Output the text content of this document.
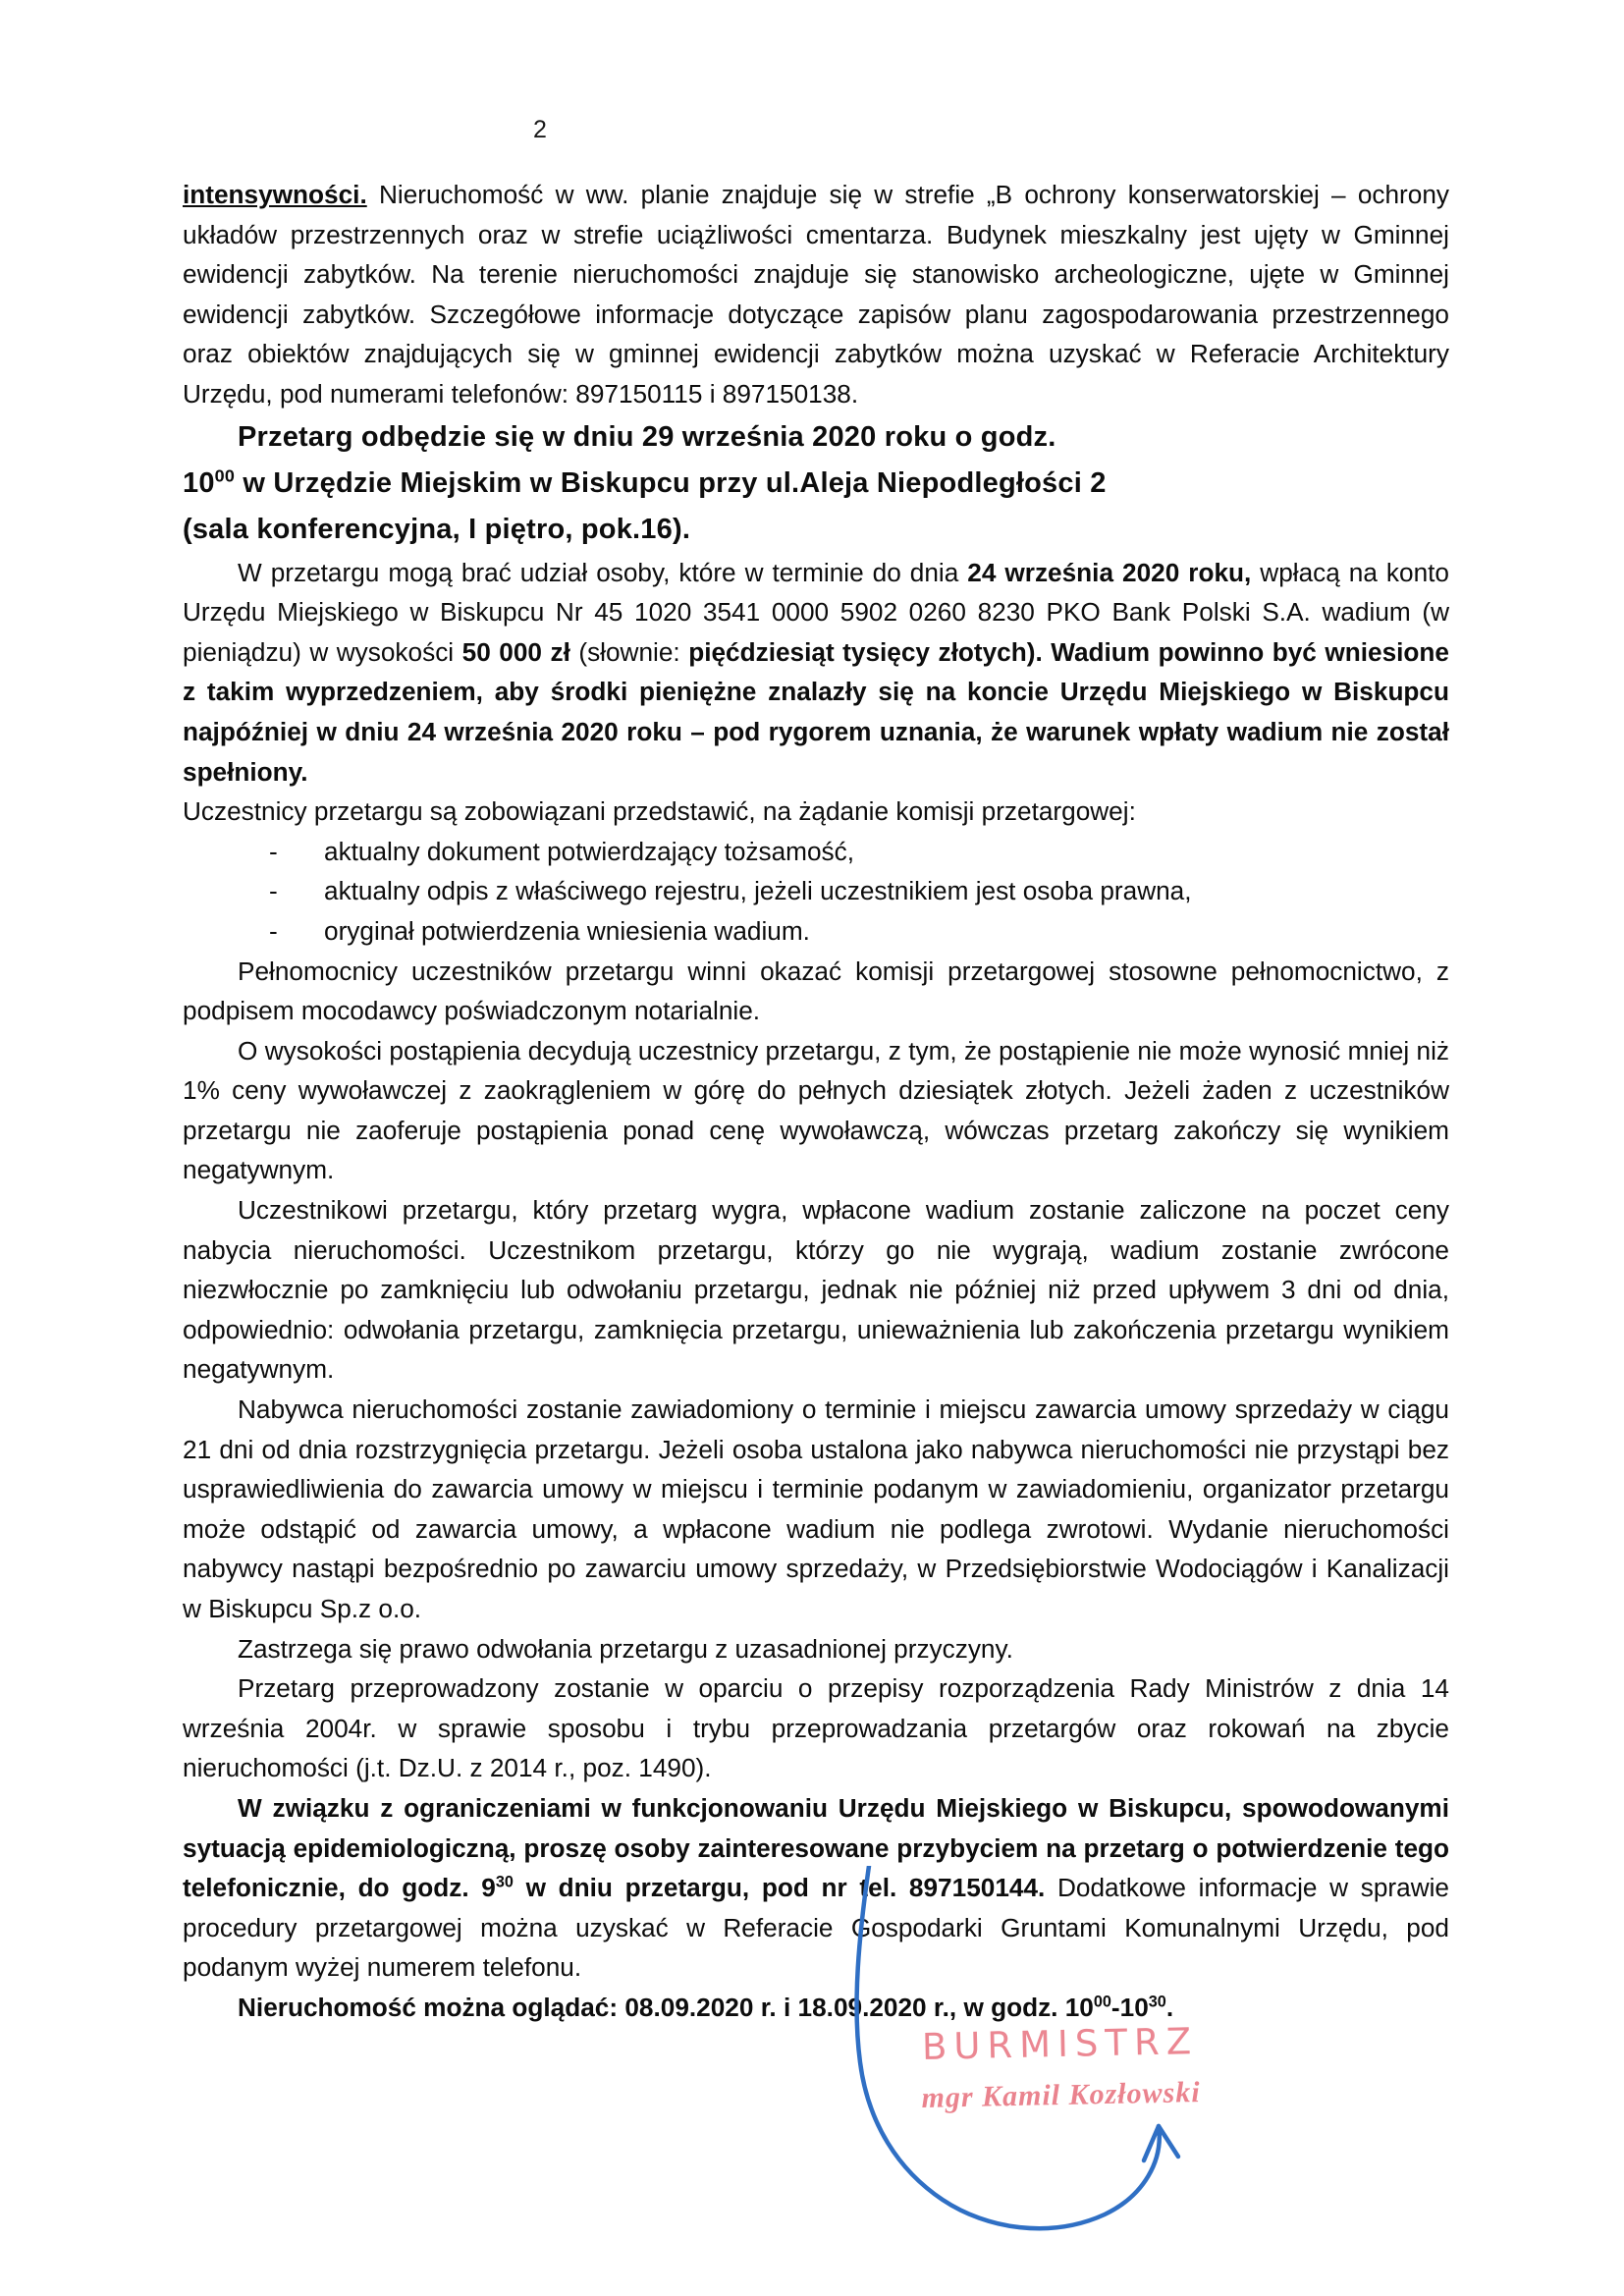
2

intensywności. Nieruchomość w ww. planie znajduje się w strefie „B ochrony konserwatorskiej – ochrony układów przestrzennych oraz w strefie uciążliwości cmentarza. Budynek mieszkalny jest ujęty w Gminnej ewidencji zabytków. Na terenie nieruchomości znajduje się stanowisko archeologiczne, ujęte w Gminnej ewidencji zabytków. Szczegółowe informacje dotyczące zapisów planu zagospodarowania przestrzennego oraz obiektów znajdujących się w gminnej ewidencji zabytków można uzyskać w Referacie Architektury Urzędu, pod numerami telefonów: 897150115 i 897150138.

Przetarg odbędzie się w dniu 29 września 2020 roku o godz.

$10^{00}$ w Urzędzie Miejskim w Biskupcu przy ul.Aleja Niepodległości 2

(sala konferencyjna, I piętro, pok.16).

W przetargu mogą brać udział osoby, które w terminie do dnia 24 września 2020 roku, wpłacą na konto Urzędu Miejskiego w Biskupcu Nr 45 1020 3541 0000 5902 0260 8230 PKO Bank Polski S.A. wadium (w pieniądzu) w wysokości 50 000 zł (słownie: pięćdziesiąt tysięcy złotych). Wadium powinno być wniesione z takim wyprzedzeniem, aby środki pieniężne znalazły się na koncie Urzędu Miejskiego w Biskupcu najpóźniej w dniu 24 września 2020 roku – pod rygorem uznania, że warunek wpłaty wadium nie został spełniony.

Uczestnicy przetargu są zobowiązani przedstawić, na żądanie komisji przetargowej:

-	aktualny dokument potwierdzający tożsamość,
-	aktualny odpis z właściwego rejestru, jeżeli uczestnikiem jest osoba prawna,
-	oryginał potwierdzenia wniesienia wadium.

Pełnomocnicy uczestników przetargu winni okazać komisji przetargowej stosowne pełnomocnictwo, z podpisem mocodawcy poświadczonym notarialnie.

O wysokości postąpienia decydują uczestnicy przetargu, z tym, że postąpienie nie może wynosić mniej niż 1% ceny wywoławczej z zaokrągleniem w górę do pełnych dziesiątek złotych. Jeżeli żaden z uczestników przetargu nie zaoferuje postąpienia ponad cenę wywoławczą, wówczas przetarg zakończy się wynikiem negatywnym.

Uczestnikowi przetargu, który przetarg wygra, wpłacone wadium zostanie zaliczone na poczet ceny nabycia nieruchomości. Uczestnikom przetargu, którzy go nie wygrają, wadium zostanie zwrócone niezwłocznie po zamknięciu lub odwołaniu przetargu, jednak nie później niż przed upływem 3 dni od dnia, odpowiednio: odwołania przetargu, zamknięcia przetargu, unieważnienia lub zakończenia przetargu wynikiem negatywnym.

Nabywca nieruchomości zostanie zawiadomiony o terminie i miejscu zawarcia umowy sprzedaży w ciągu 21 dni od dnia rozstrzygnięcia przetargu. Jeżeli osoba ustalona jako nabywca nieruchomości nie przystąpi bez usprawiedliwienia do zawarcia umowy w miejscu i terminie podanym w zawiadomieniu, organizator przetargu może odstąpić od zawarcia umowy, a wpłacone wadium nie podlega zwrotowi. Wydanie nieruchomości nabywcy nastąpi bezpośrednio po zawarciu umowy sprzedaży, w Przedsiębiorstwie Wodociągów i Kanalizacji w Biskupcu Sp.z o.o.

Zastrzega się prawo odwołania przetargu z uzasadnionej przyczyny.

Przetarg przeprowadzony zostanie w oparciu o przepisy rozporządzenia Rady Ministrów z dnia 14 września 2004r. w sprawie sposobu i trybu przeprowadzania przetargów oraz rokowań na zbycie nieruchomości (j.t. Dz.U. z 2014 r., poz. 1490).

W związku z ograniczeniami w funkcjonowaniu Urzędu Miejskiego w Biskupcu, spowodowanymi sytuacją epidemiologiczną, proszę osoby zainteresowane przybyciem na przetarg o potwierdzenie tego telefonicznie, do godz. $9^{30}$ w dniu przetargu, pod nr tel. 897150144. Dodatkowe informacje w sprawie procedury przetargowej można uzyskać w Referacie Gospodarki Gruntami Komunalnymi Urzędu, pod podanym wyżej numerem telefonu.

Nieruchomość można oglądać: 08.09.2020 r. i 18.09.2020 r., w godz. $10^{00}-10^{30}$.

BURMISTRZ
mgr Kamil Kozłowski
